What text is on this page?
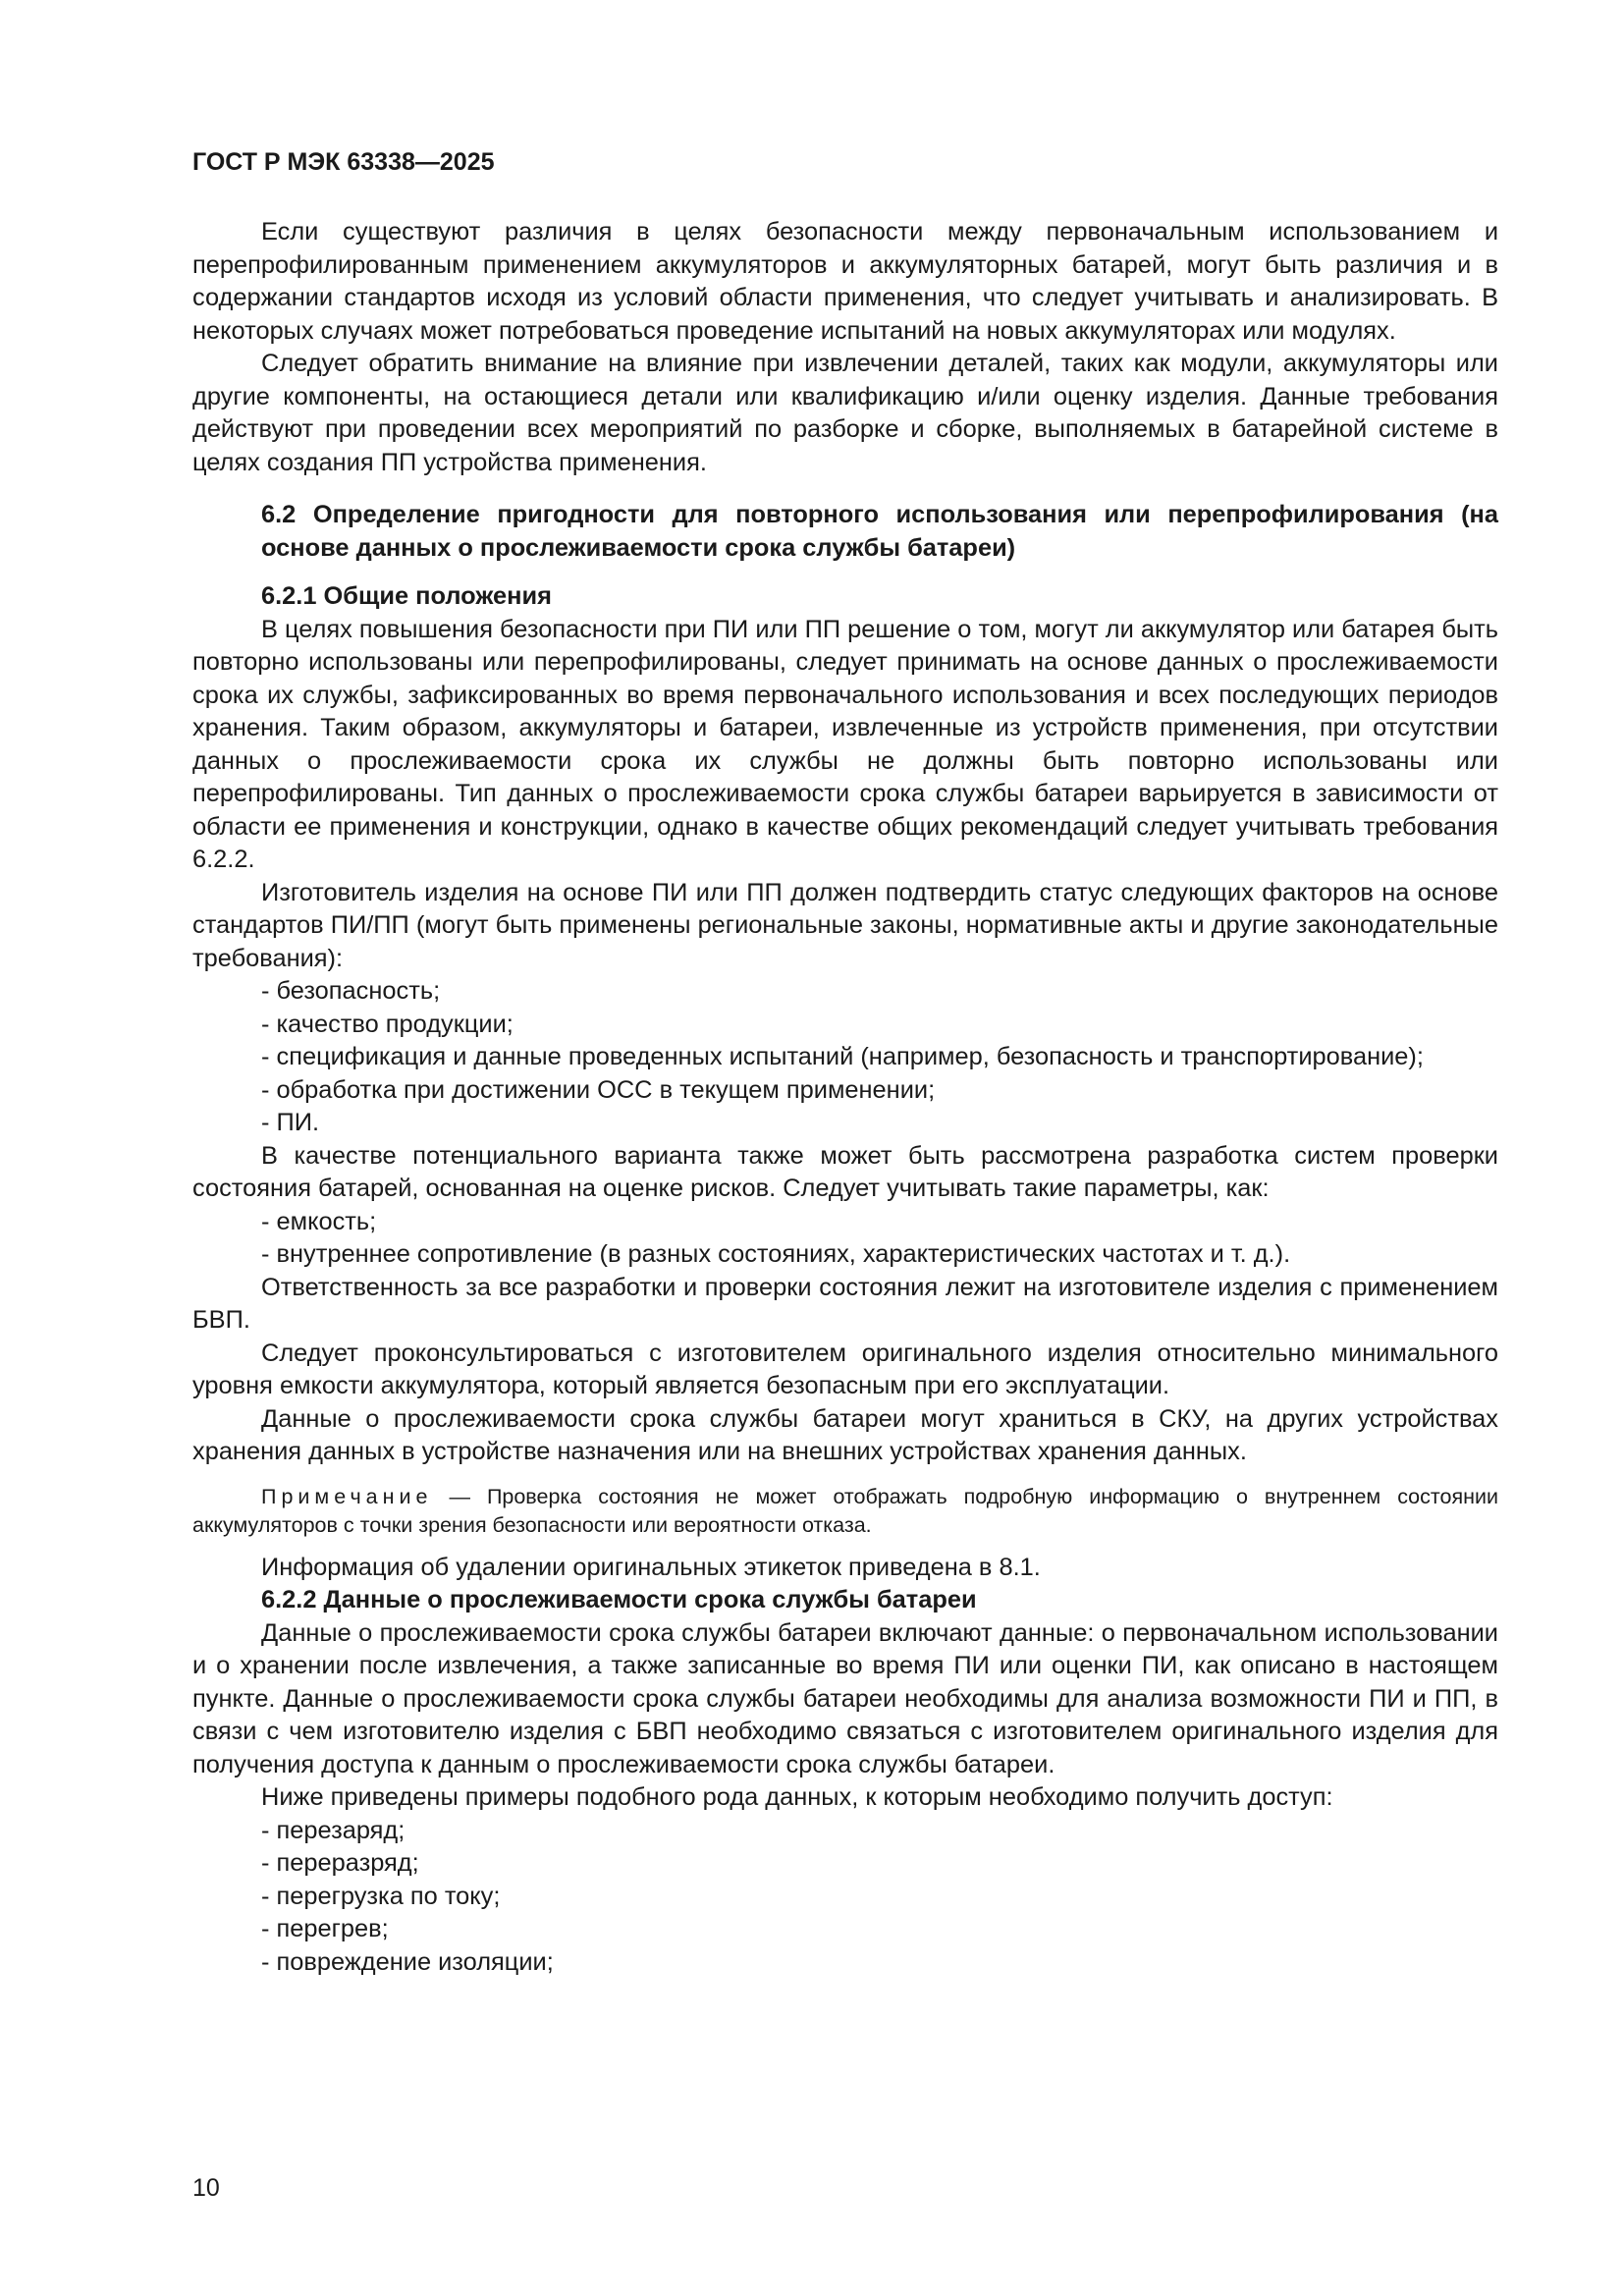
ГОСТ Р МЭК 63338—2025

Если существуют различия в целях безопасности между первоначальным использованием и перепрофилированным применением аккумуляторов и аккумуляторных батарей, могут быть различия и в содержании стандартов исходя из условий области применения, что следует учитывать и анализировать. В некоторых случаях может потребоваться проведение испытаний на новых аккумуляторах или модулях.

Следует обратить внимание на влияние при извлечении деталей, таких как модули, аккумуляторы или другие компоненты, на остающиеся детали или квалификацию и/или оценку изделия. Данные требования действуют при проведении всех мероприятий по разборке и сборке, выполняемых в батарейной системе в целях создания ПП устройства применения.

6.2 Определение пригодности для повторного использования или перепрофилирования (на основе данных о прослеживаемости срока службы батареи)
6.2.1 Общие положения

В целях повышения безопасности при ПИ или ПП решение о том, могут ли аккумулятор или батарея быть повторно использованы или перепрофилированы, следует принимать на основе данных о прослеживаемости срока их службы, зафиксированных во время первоначального использования и всех последующих периодов хранения. Таким образом, аккумуляторы и батареи, извлеченные из устройств применения, при отсутствии данных о прослеживаемости срока их службы не должны быть повторно использованы или перепрофилированы. Тип данных о прослеживаемости срока службы батареи варьируется в зависимости от области ее применения и конструкции, однако в качестве общих рекомендаций следует учитывать требования 6.2.2.

Изготовитель изделия на основе ПИ или ПП должен подтвердить статус следующих факторов на основе стандартов ПИ/ПП (могут быть применены региональные законы, нормативные акты и другие законодательные требования):

- безопасность;

- качество продукции;

- спецификация и данные проведенных испытаний (например, безопасность и транспортирование);

- обработка при достижении ОСС в текущем применении;

- ПИ.

В качестве потенциального варианта также может быть рассмотрена разработка систем проверки состояния батарей, основанная на оценке рисков. Следует учитывать такие параметры, как:

- емкость;

- внутреннее сопротивление (в разных состояниях, характеристических частотах и т. д.).

Ответственность за все разработки и проверки состояния лежит на изготовителе изделия с применением БВП.

Следует проконсультироваться с изготовителем оригинального изделия относительно минимального уровня емкости аккумулятора, который является безопасным при его эксплуатации.

Данные о прослеживаемости срока службы батареи могут храниться в СКУ, на других устройствах хранения данных в устройстве назначения или на внешних устройствах хранения данных.

Примечание — Проверка состояния не может отображать подробную информацию о внутреннем состоянии аккумуляторов с точки зрения безопасности или вероятности отказа.

Информация об удалении оригинальных этикеток приведена в 8.1.

6.2.2 Данные о прослеживаемости срока службы батареи

Данные о прослеживаемости срока службы батареи включают данные: о первоначальном использовании и о хранении после извлечения, а также записанные во время ПИ или оценки ПИ, как описано в настоящем пункте. Данные о прослеживаемости срока службы батареи необходимы для анализа возможности ПИ и ПП, в связи с чем изготовителю изделия с БВП необходимо связаться с изготовителем оригинального изделия для получения доступа к данным о прослеживаемости срока службы батареи.

Ниже приведены примеры подобного рода данных, к которым необходимо получить доступ:

- перезаряд;

- переразряд;

- перегрузка по току;

- перегрев;

- повреждение изоляции;

10
